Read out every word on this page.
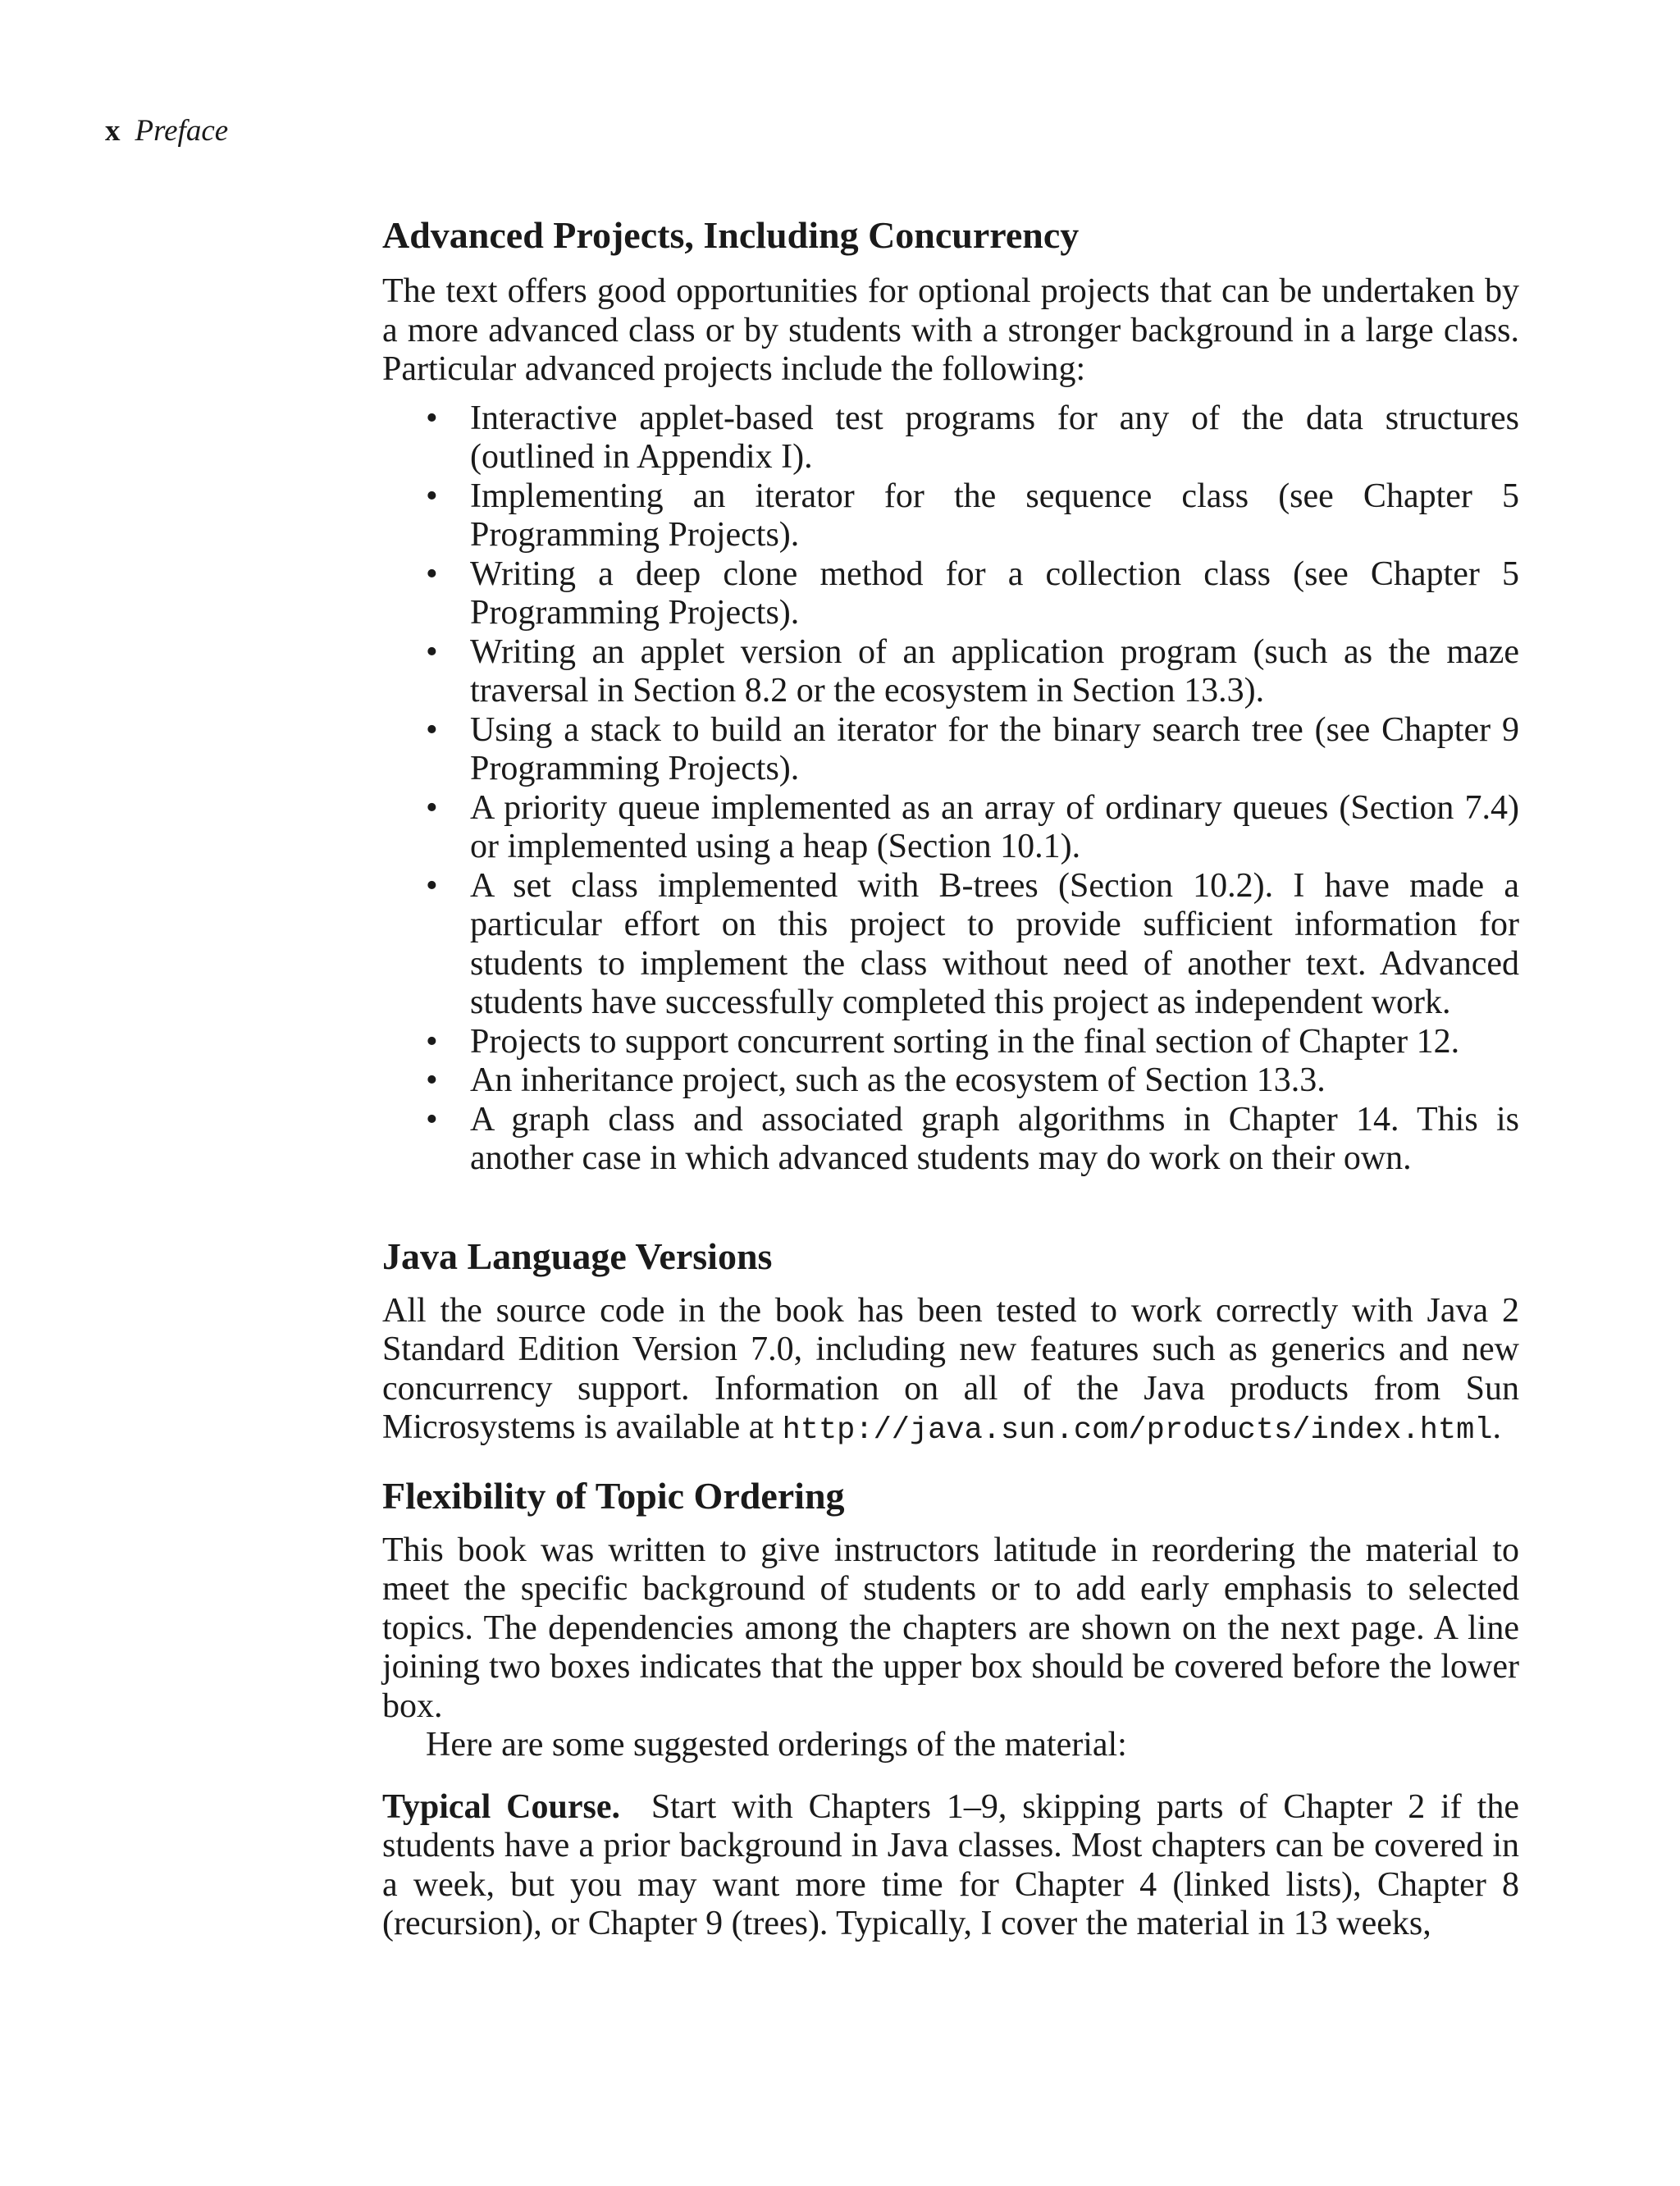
x Preface
Advanced Projects, Including Concurrency

The text offers good opportunities for optional projects that can be undertaken by a more advanced class or by students with a stronger background in a large class. Particular advanced projects include the following:

• Interactive applet-based test programs for any of the data structures (outlined in Appendix I).
• Implementing an iterator for the sequence class (see Chapter 5 Programming Projects).
• Writing a deep clone method for a collection class (see Chapter 5 Programming Projects).
• Writing an applet version of an application program (such as the maze traversal in Section 8.2 or the ecosystem in Section 13.3).
• Using a stack to build an iterator for the binary search tree (see Chapter 9 Programming Projects).
• A priority queue implemented as an array of ordinary queues (Section 7.4) or implemented using a heap (Section 10.1).
• A set class implemented with B-trees (Section 10.2). I have made a particular effort on this project to provide sufficient information for students to implement the class without need of another text. Advanced students have successfully completed this project as independent work.
• Projects to support concurrent sorting in the final section of Chapter 12.
• An inheritance project, such as the ecosystem of Section 13.3.
• A graph class and associated graph algorithms in Chapter 14. This is another case in which advanced students may do work on their own.
Java Language Versions

All the source code in the book has been tested to work correctly with Java 2 Standard Edition Version 7.0, including new features such as generics and new concurrency support. Information on all of the Java products from Sun Microsystems is available at http://java.sun.com/products/index.html.

Flexibility of Topic Ordering

This book was written to give instructors latitude in reordering the material to meet the specific background of students or to add early emphasis to selected topics. The dependencies among the chapters are shown on the next page. A line joining two boxes indicates that the upper box should be covered before the lower box.

Here are some suggested orderings of the material:

Typical Course. Start with Chapters 1–9, skipping parts of Chapter 2 if the students have a prior background in Java classes. Most chapters can be covered in a week, but you may want more time for Chapter 4 (linked lists), Chapter 8 (recursion), or Chapter 9 (trees). Typically, I cover the material in 13 weeks,
